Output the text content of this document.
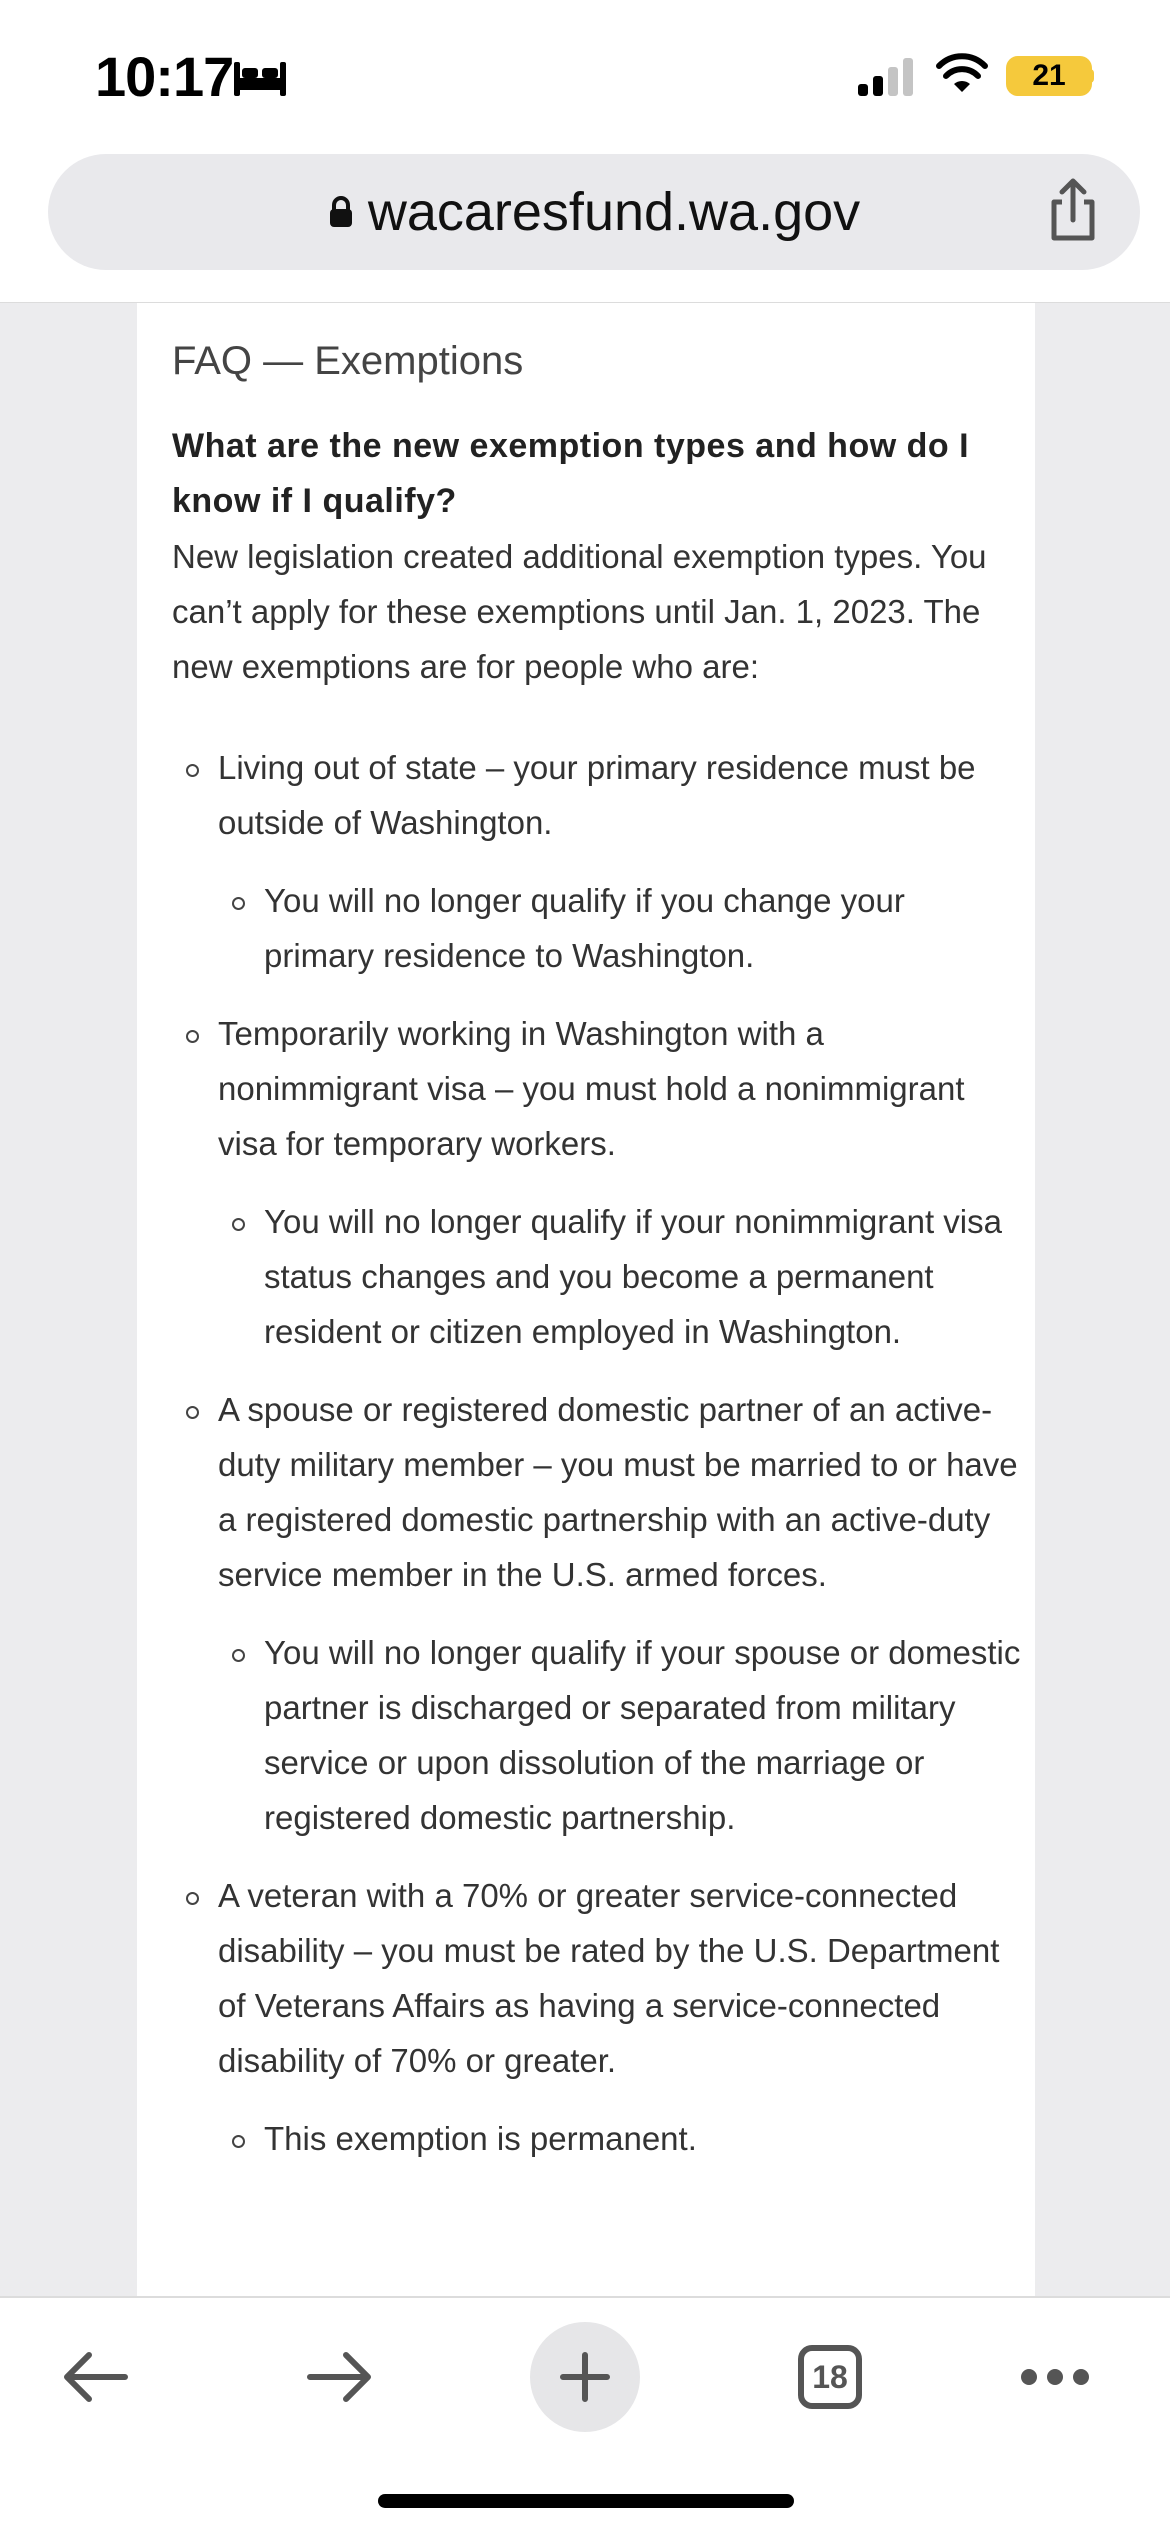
10:17	21
wacaresfund.wa.gov
FAQ — Exemptions
What are the new exemption types and how do I know if I qualify?
New legislation created additional exemption types. You can’t apply for these exemptions until Jan. 1, 2023. The new exemptions are for people who are:
Living out of state – your primary residence must be outside of Washington.
You will no longer qualify if you change your primary residence to Washington.
Temporarily working in Washington with a nonimmigrant visa – you must hold a nonimmigrant visa for temporary workers.
You will no longer qualify if your nonimmigrant visa status changes and you become a permanent resident or citizen employed in Washington.
A spouse or registered domestic partner of an active-duty military member – you must be married to or have a registered domestic partnership with an active-duty service member in the U.S. armed forces.
You will no longer qualify if your spouse or domestic partner is discharged or separated from military service or upon dissolution of the marriage or registered domestic partnership.
A veteran with a 70% or greater service-connected disability – you must be rated by the U.S. Department of Veterans Affairs as having a service-connected disability of 70% or greater.
This exemption is permanent.
18
